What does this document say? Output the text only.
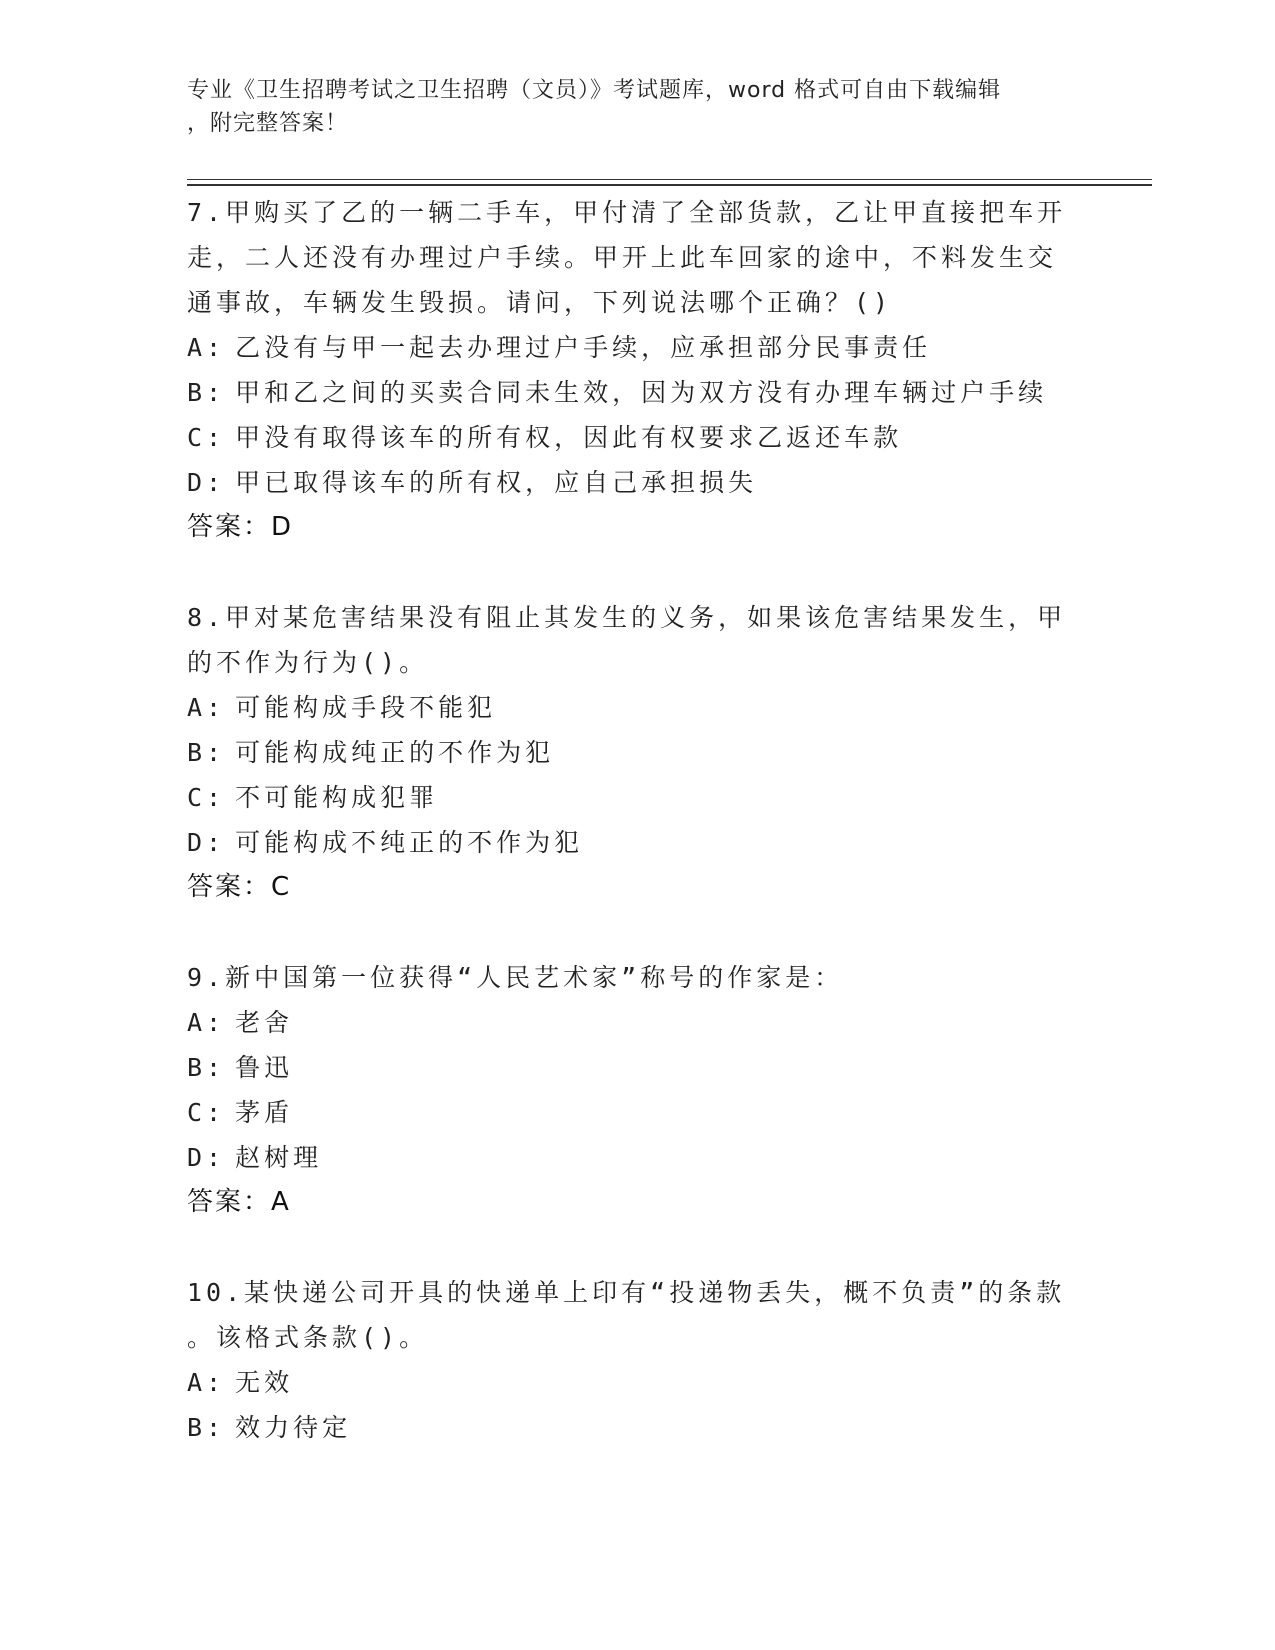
专业《卫生招聘考试之卫生招聘（文员）》考试题库，word 格式可自由下载编辑
，附完整答案！

7.甲购买了乙的一辆二手车，甲付清了全部货款，乙让甲直接把车开

走，二人还没有办理过户手续。甲开上此车回家的途中，不料发生交

通事故，车辆发生毁损。请问，下列说法哪个正确？()

A: 乙没有与甲一起去办理过户手续，应承担部分民事责任

B: 甲和乙之间的买卖合同未生效，因为双方没有办理车辆过户手续

C: 甲没有取得该车的所有权，因此有权要求乙返还车款

D: 甲已取得该车的所有权，应自己承担损失

答案：D

8.甲对某危害结果没有阻止其发生的义务，如果该危害结果发生，甲

的不作为行为()。

A: 可能构成手段不能犯

B: 可能构成纯正的不作为犯

C: 不可能构成犯罪

D: 可能构成不纯正的不作为犯

答案：C

9.新中国第一位获得“人民艺术家”称号的作家是：

A: 老舍

B: 鲁迅

C: 茅盾

D: 赵树理

答案：A

10.某快递公司开具的快递单上印有“投递物丢失，概不负责”的条款

。该格式条款()。

A: 无效

B: 效力待定
